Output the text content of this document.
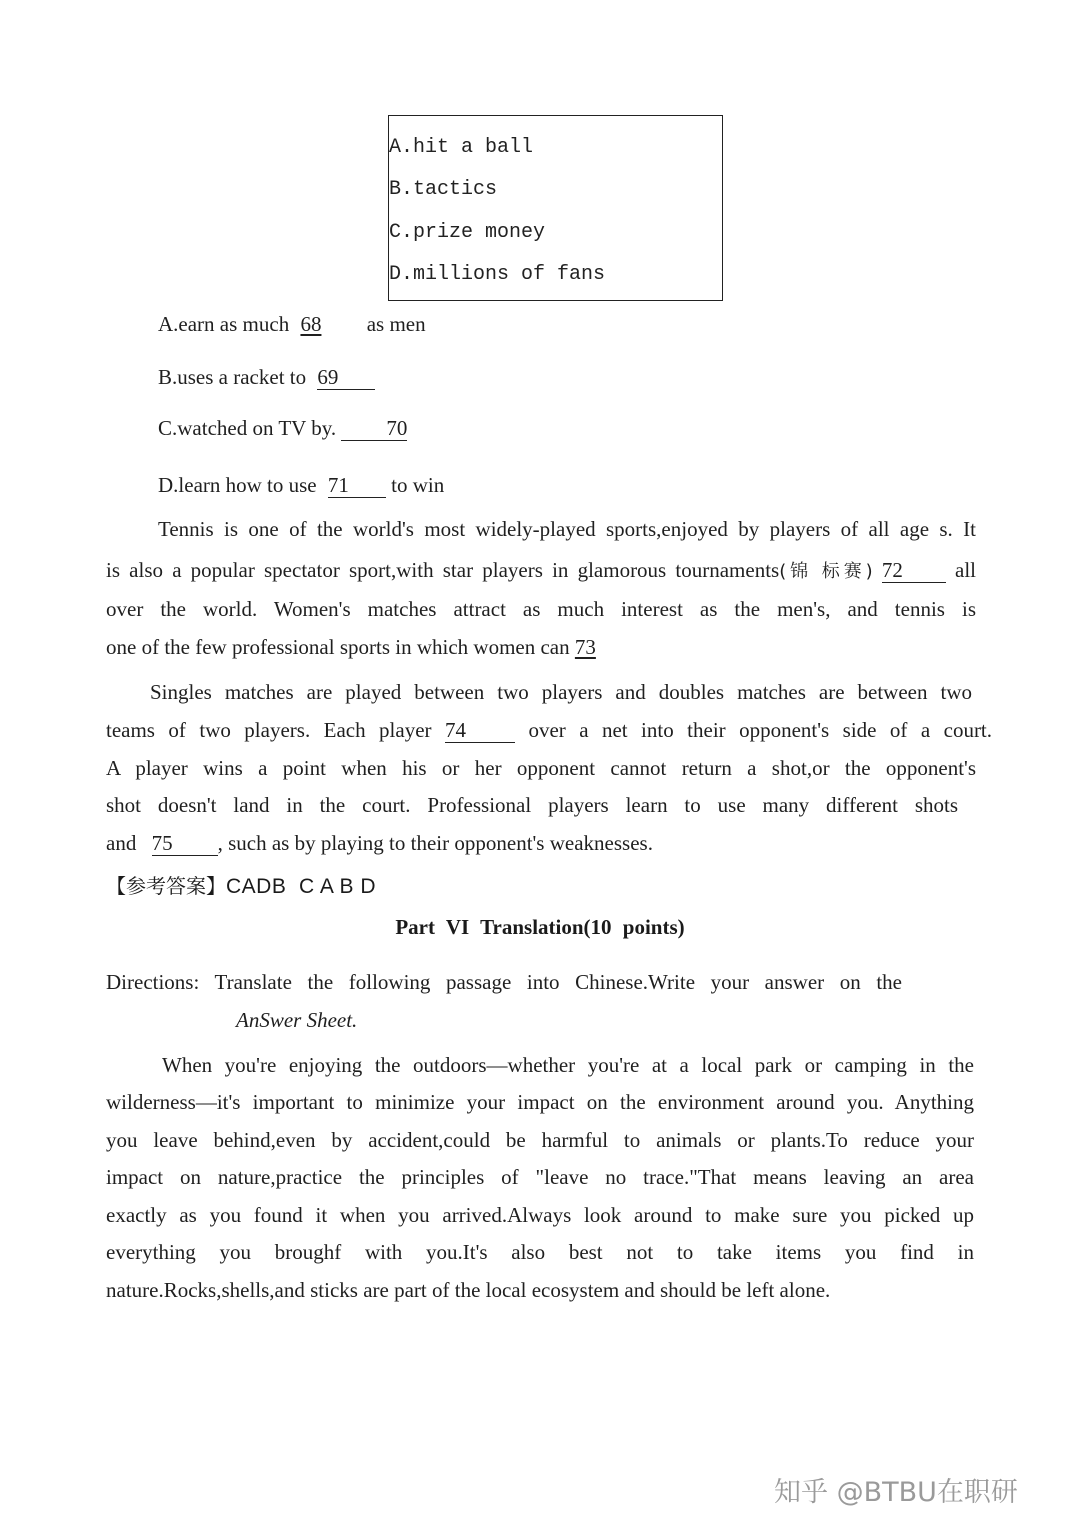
A.hit a ball
B.tactics
C.prize money
D.millions of fans
A.earn as much 68 as men
B.uses a racket to 69
C.watched on TV by. 70
D.learn how to use 71 to win
Tennis is one of the world's most widely-played sports,enjoyed by players of all age s. It
is also a popular spectator sport,with star players in glamorous tournaments(锦 标赛) 72 all
over the world. Women's matches attract as much interest as the men's, and tennis is
one of the few professional sports in which women can 73
Singles matches are played between two players and doubles matches are between two
teams of two players. Each player 74	over a net into their opponent's side of a court.
A player wins a point when his or her opponent cannot return a shot,or the opponent's
shot doesn't land in the court. Professional players learn to use many different shots
and 75 , such as by playing to their opponent's weaknesses.
【参考答案】CADB  C A B D
Part VI Translation(10 points)
Directions: Translate the following passage into Chinese.Write your answer on the
AnSwer Sheet.
When you're enjoying the outdoors—whether you're at a local park or camping in the
wilderness—it's important to minimize your impact on the environment around you. Anything
you leave behind,even by accident,could be harmful to animals or plants.To reduce your
impact on nature,practice the principles of "leave no trace."That means leaving an area
exactly as you found it when you arrived.Always look around to make sure you picked up
everything you broughf with you.It's also best not to take items you find in
nature.Rocks,shells,and sticks are part of the local ecosystem and should be left alone.
知乎 @BTBU在职研
